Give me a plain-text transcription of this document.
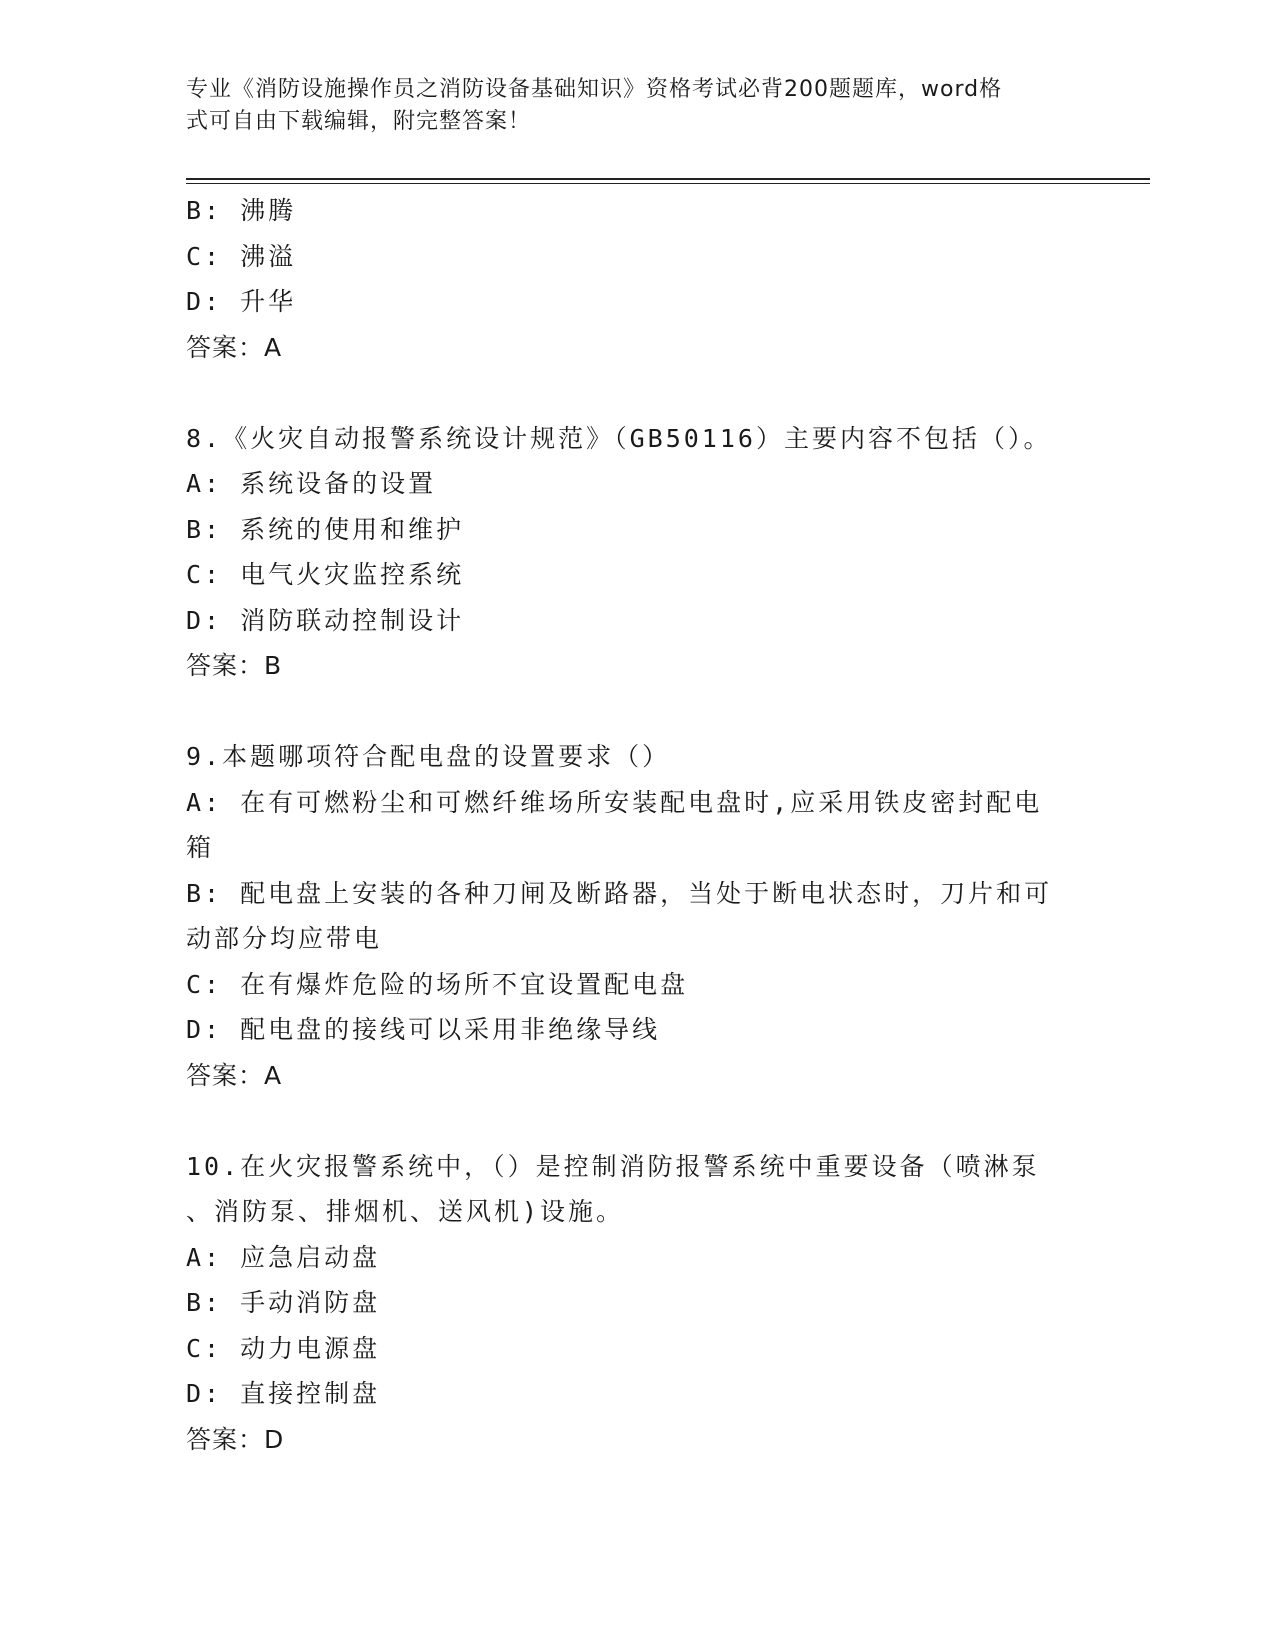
专业《消防设施操作员之消防设备基础知识》资格考试必背200题题库，word格
式可自由下载编辑，附完整答案！

B: 沸腾

C: 沸溢

D: 升华

答案：A

8.《火灾自动报警系统设计规范》（GB50116）主要内容不包括（）。

A: 系统设备的设置

B: 系统的使用和维护

C: 电气火灾监控系统

D: 消防联动控制设计

答案：B

9.本题哪项符合配电盘的设置要求（）

A: 在有可燃粉尘和可燃纤维场所安装配电盘时,应采用铁皮密封配电

箱

B: 配电盘上安装的各种刀闸及断路器，当处于断电状态时，刀片和可

动部分均应带电

C: 在有爆炸危险的场所不宜设置配电盘

D: 配电盘的接线可以采用非绝缘导线

答案：A

10.在火灾报警系统中，（）是控制消防报警系统中重要设备（喷淋泵

、消防泵、排烟机、送风机)设施。

A: 应急启动盘

B: 手动消防盘

C: 动力电源盘

D: 直接控制盘

答案：D
